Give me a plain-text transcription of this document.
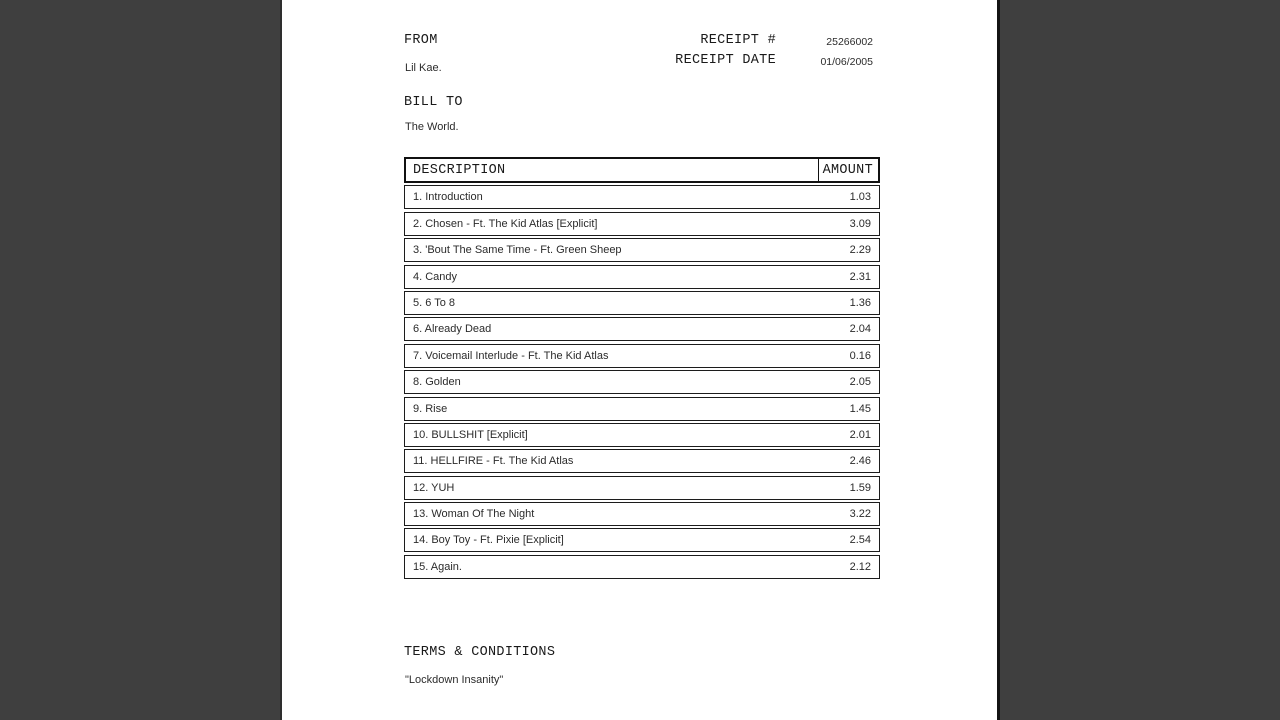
FROM
Lil Kae.
RECEIPT #	25266002
RECEIPT DATE	01/06/2005
BILL TO
The World.
DESCRIPTION	AMOUNT
1. Introduction	1.03
2. Chosen - Ft. The Kid Atlas [Explicit]	3.09
3. 'Bout The Same Time - Ft. Green Sheep	2.29
4. Candy	2.31
5. 6 To 8	1.36
6. Already Dead	2.04
7. Voicemail Interlude - Ft. The Kid Atlas	0.16
8. Golden	2.05
9. Rise	1.45
10. BULLSHIT [Explicit]	2.01
11. HELLFIRE - Ft. The Kid Atlas	2.46
12. YUH	1.59
13. Woman Of The Night	3.22
14. Boy Toy - Ft. Pixie [Explicit]	2.54
15. Again.	2.12
TERMS & CONDITIONS
"Lockdown Insanity"
